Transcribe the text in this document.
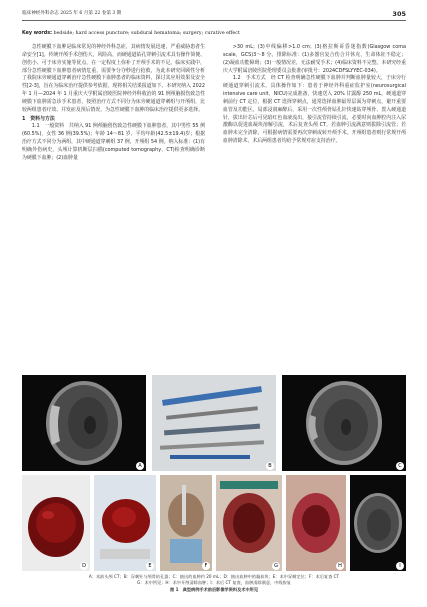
临床神经外科杂志 2025 年 6 月第 22 卷第 3 期	305
Key words: bedside; hard access puncture; subdural hematoma; surgery; curative effect

急性硬膜下血肿是临床常见的神经外科急症，其病情发展迅速，严重威胁患者生命安全[1]。传统开颅手术创伤大，风险高，而硬通道钻孔穿刺引流术具有操作简便、创伤小、可于床旁实施等优点，在一定程度上弥补了开颅手术的不足。临床实践中，部分急性硬膜下血肿患者病情危重，需要争分夺秒进行抢救，为此本研究回顾性分析了我院床旁硬通道穿刺治疗急性硬膜下血肿患者的临床资料，探讨其应用效果及安全性[2-3]，旨在为临床治疗提供参考依据，现将相关结果报道如下。本研究纳入 2022 年 1 月—2024 年 1 月重庆大学附属涪陵医院神经外科收治的 91 例颅脑损伤致急性硬膜下血肿需急诊手术患者，按照治疗方式不同分为床旁硬通道穿刺组与开颅组，比较两组患者疗效、并发症及预后情况，为急性硬膜下血肿的临床治疗提供更多选择。

1　资料与方法

1.1　一般资料　共纳入 91 例颅脑创伤致急性硬膜下血肿患者，其中男性 55 例(60.5%)，女性 36 例(39.5%)；年龄 14～81 岁，平均年龄(42.5±19.4)岁；根据治疗方式不同分为两组，其中硬通道穿刺组 37 例，开颅组 54 例。纳入标准：(1)有明确外伤病史，头颅计算机断层扫描(computed tomography，CT)检查明确诊断为硬膜下血肿；(2)血肿量

>30 mL；(3)中线偏移>1.0 cm；(3)格拉斯哥昏迷指数(Glasgow coma scale，GCS)3～8 分。排除标准：(1)多器官复合伤合并休克，生命体征不稳定；(2)凝血功能障碍；(3)一般情况差，无法耐受手术；(4)临床资料不完整。本研究经重庆大学附属涪陵医院伦理委员会批准(审批号：2024CDFSLYYEC-034)。

1.2　手术方式　经 CT 检查明确急性硬膜下血肿并判断血肿量较大，于床旁行硬通道穿刺引流术，具体操作如下：患者于神经外科重症监护室(neurosurgical intensive care unit，NICU)完成准备，快速送入 20% 甘露醇 250 mL，硬通道穿刺前行 CT 定位，根据 CT 选择穿刺点，通常选择血肿最厚层面为穿刺点，避开重要血管及功能区，局部浸润麻醉后，采用一次性颅骨钻孔针快速钻穿颅骨，置入硬通道针，拔出针芯后可见暗红色血液流出，接引流管持续引流，必要时向血肿腔内注入尿激酶以促进血凝块溶解引流，术后复查头颅 CT，若血肿引流满意则拔除引流管；若血肿未完全清除，可根据病情需要再次穿刺或转开颅手术。开颅组患者则行常规开颅血肿清除术，术后两组患者均给予常规对症支持治疗。

A	B	C
D	E	F	G	H	I
A：术前头颅 CT；B：穿刺针与颅骨钻孔器；C：抽出的血肿约 20 mL；D：抽出血肿中的凝血块；E：术中穿刺定位；F：术后复查 CT
G：术中所见；H：术中开颅清除血肿；I：术后 CT 复查，血肿清除满意，中线恢复
图 1　典型病例手术前后影像学资料及术中所见
